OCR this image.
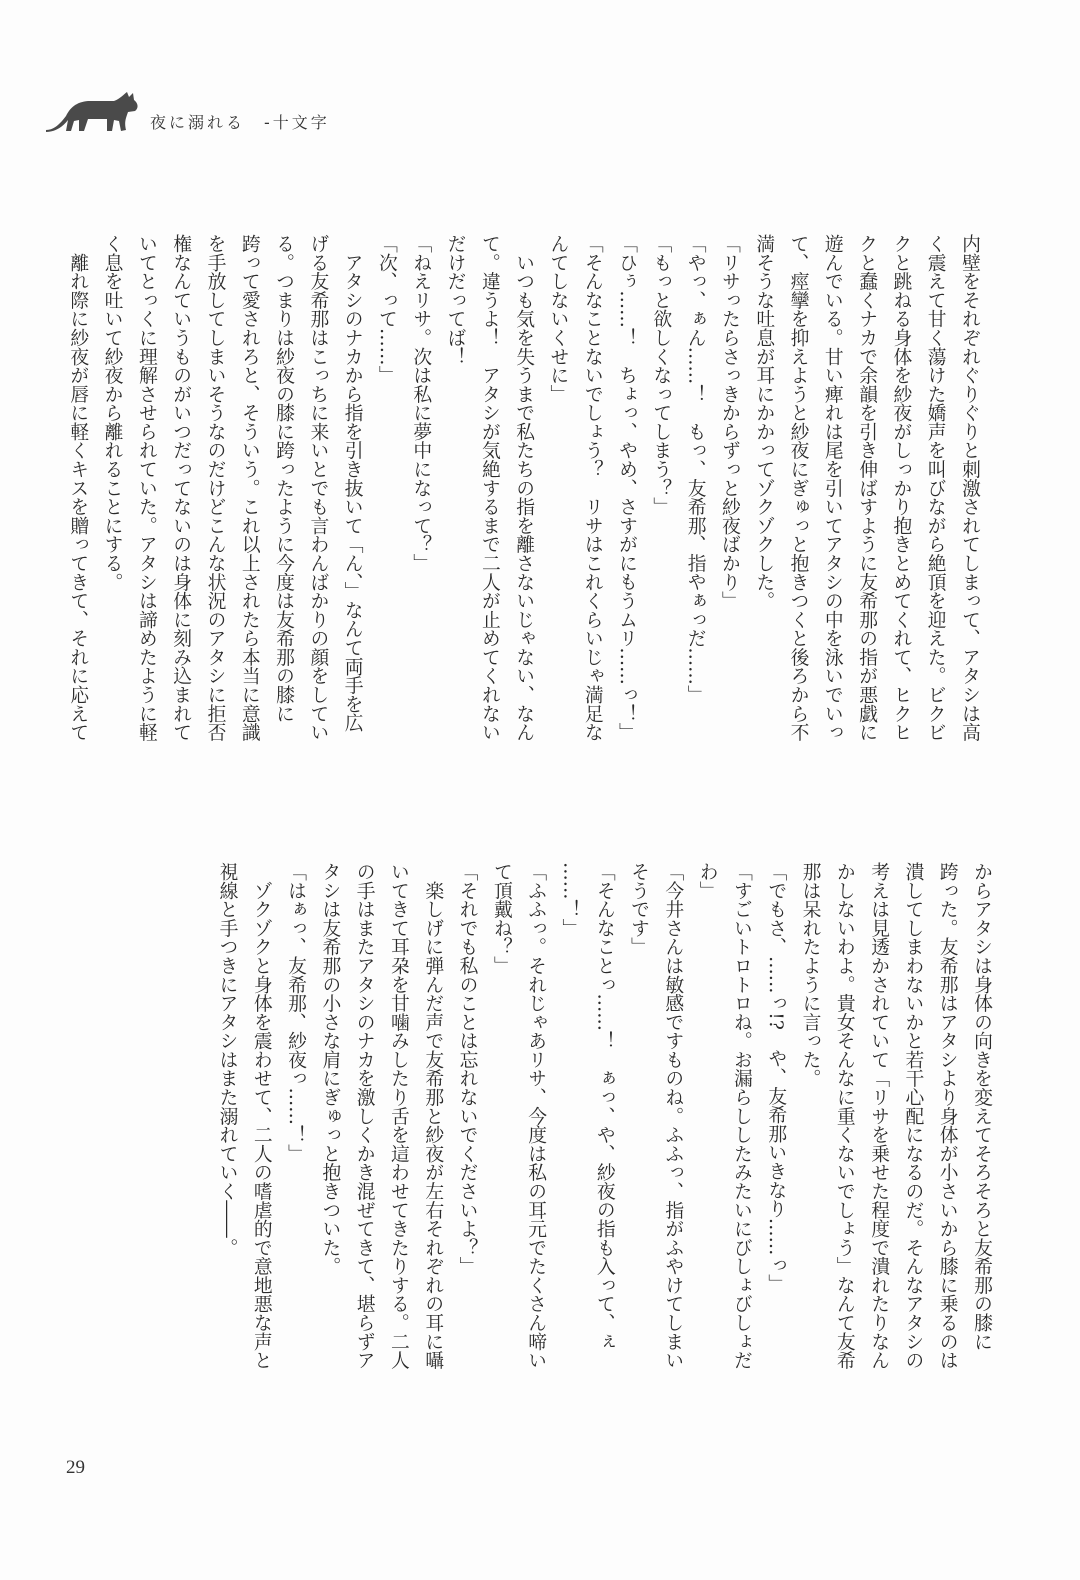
夜に溺れる　-十文字
内壁をそれぞれぐりぐりと刺激されてしまって、アタシは高
く震えて甘く蕩けた嬌声を叫びながら絶頂を迎えた。ビクビ
クと跳ねる身体を紗夜がしっかり抱きとめてくれて、ヒクヒ
クと蠢くナカで余韻を引き伸ばすように友希那の指が悪戯に
遊んでいる。甘い痺れは尾を引いてアタシの中を泳いでいっ
て、痙攣を抑えようと紗夜にぎゅっと抱きつくと後ろから不
満そうな吐息が耳にかかってゾクゾクした。
「リサったらさっきからずっと紗夜ばかり」
「やっ、ぁん……！　もっ、友希那、指やぁっだ……」
「もっと欲しくなってしまう？」
「ひぅ……！　ちょっ、やめ、さすがにもうムリ……っ！」
「そんなことないでしょう？　リサはこれくらいじゃ満足な
んてしないくせに」
　いつも気を失うまで私たちの指を離さないじゃない、なん
て。違うよ！　アタシが気絶するまで二人が止めてくれない
だけだってば！
「ねえリサ。次は私に夢中になって？」
「次、って……」
　アタシのナカから指を引き抜いて「ん、」なんて両手を広
げる友希那はこっちに来いとでも言わんばかりの顔をしてい
る。つまりは紗夜の膝に跨ったように今度は友希那の膝に
跨って愛されろと、そういう。これ以上されたら本当に意識
を手放してしまいそうなのだけどこんな状況のアタシに拒否
権なんていうものがいつだってないのは身体に刻み込まれて
いてとっくに理解させられていた。アタシは諦めたように軽
く息を吐いて紗夜から離れることにする。
　離れ際に紗夜が唇に軽くキスを贈ってきて、それに応えて
からアタシは身体の向きを変えてそろそろと友希那の膝に
跨った。友希那はアタシより身体が小さいから膝に乗るのは
潰してしまわないかと若干心配になるのだ。そんなアタシの
考えは見透かされていて「リサを乗せた程度で潰れたりなん
かしないわよ。貴女そんなに重くないでしょう」なんて友希
那は呆れたように言った。
「でもさ、……っ!?　や、友希那いきなり……っ」
「すごいトロトロね。お漏らししたみたいにびしょびしょだ
わ」
「今井さんは敏感ですものね。ふふっ、指がふやけてしまい
そうです」
「そんなことっ……！　ぁっ、や、紗夜の指も入って、ぇ
……！」
「ふふっ。それじゃあリサ、今度は私の耳元でたくさん啼い
て頂戴ね？」
「それでも私のことは忘れないでくださいよ？」
　楽しげに弾んだ声で友希那と紗夜が左右それぞれの耳に囁
いてきて耳朶を甘噛みしたり舌を這わせてきたりする。二人
の手はまたアタシのナカを激しくかき混ぜてきて、堪らずア
タシは友希那の小さな肩にぎゅっと抱きついた。
「はぁっ、友希那、紗夜っ……！」
　ゾクゾクと身体を震わせて、二人の嗜虐的で意地悪な声と
視線と手つきにアタシはまた溺れていく――。
29
